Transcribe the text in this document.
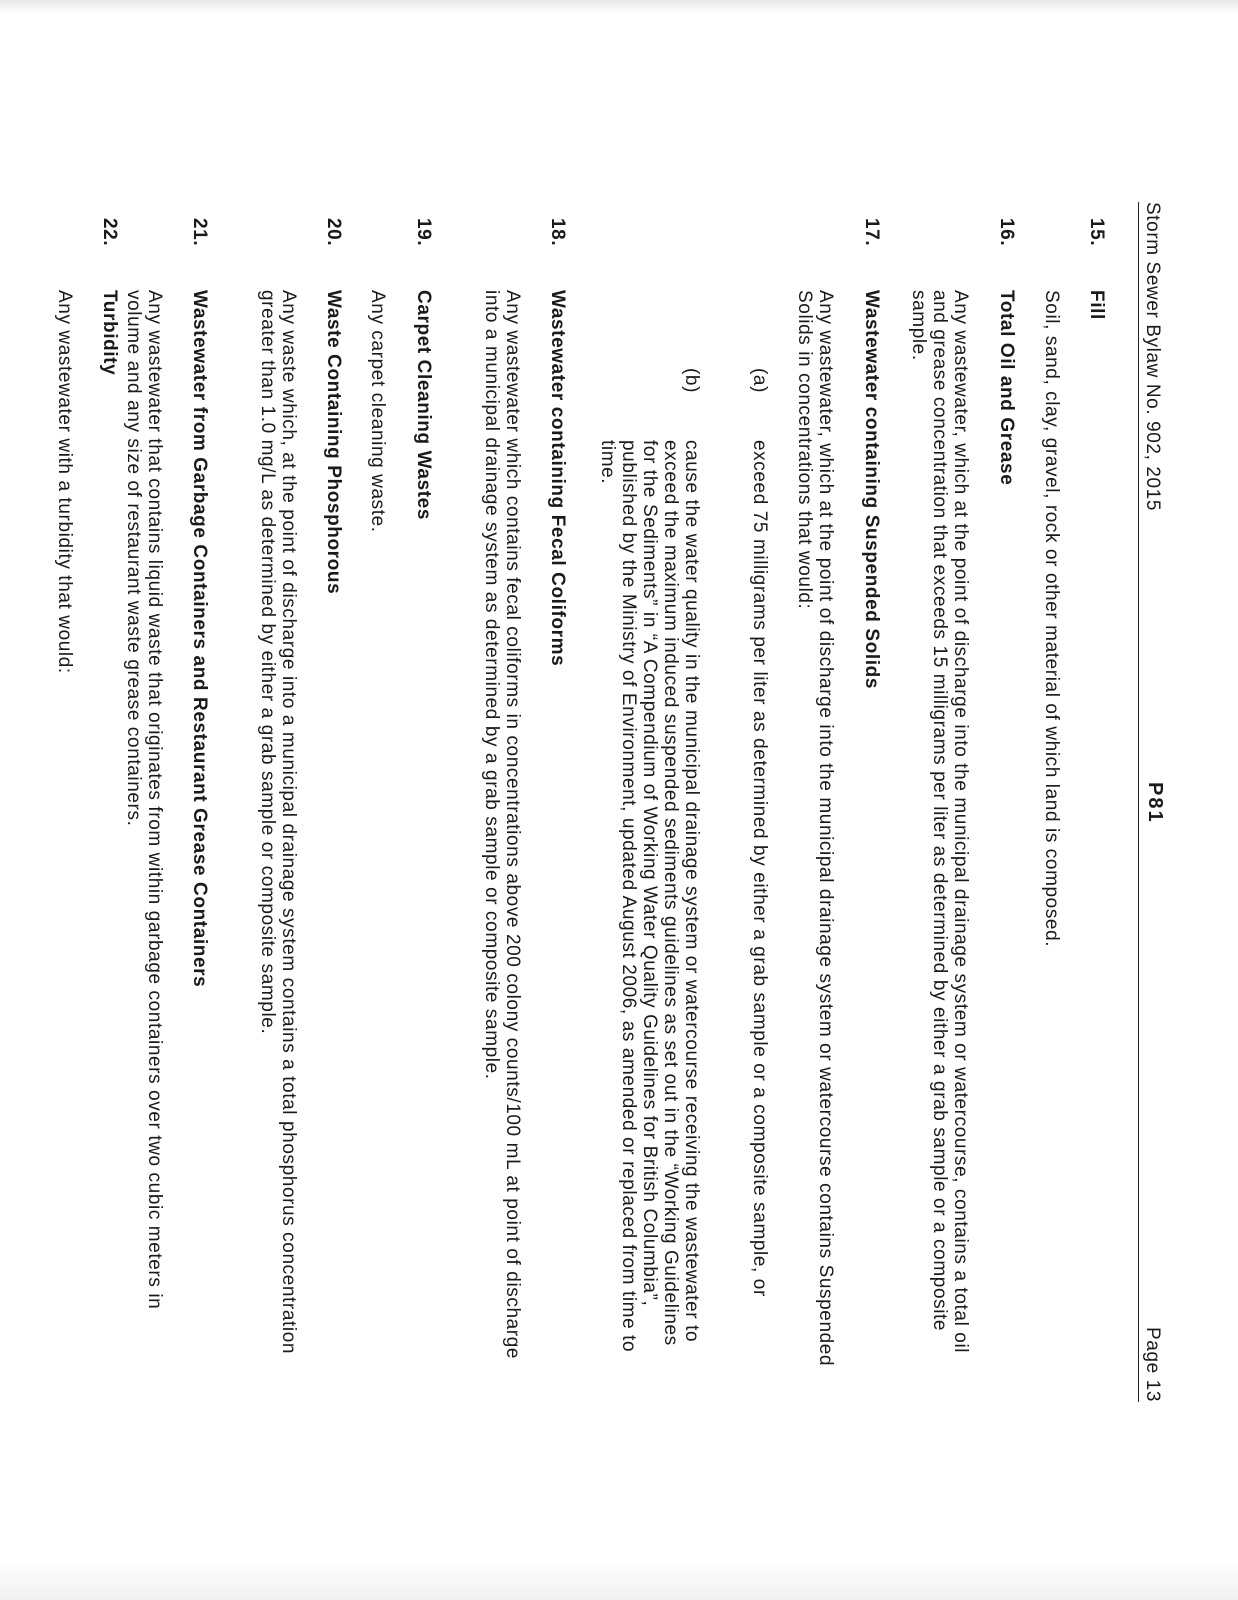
Storm Sewer Bylaw No. 902, 2015
P81
Page 13
15.
Fill

Soil, sand, clay, gravel, rock or other material of which land is composed.

16.
Total Oil and Grease

Any wastewater, which at the point of discharge into the municipal drainage system or watercourse, contains a total oil and grease concentration that exceeds 15 milligrams per liter as determined by either a grab sample or a composite sample.

17.
Wastewater containing Suspended Solids

Any wastewater, which at the point of discharge into the municipal drainage system or watercourse contains Suspended Solids in concentrations that would:

(a)

exceed 75 milligrams per liter as determined by either a grab sample or a composite sample, or

(b)

cause the water quality in the municipal drainage system or watercourse receiving the wastewater to exceed the maximum induced suspended sediments guidelines as set out in the “Working Guidelines for the Sediments” in “A Compendium of Working Water Quality Guidelines for British Columbia”, published by the Ministry of Environment, updated August 2006, as amended or replaced from time to time.

18.
Wastewater containing Fecal Coliforms

Any wastewater which contains fecal coliforms in concentrations above 200 colony counts/100 mL at point of discharge into a municipal drainage system as determined by a grab sample or composite sample.

19.
Carpet Cleaning Wastes

Any carpet cleaning waste.

20.
Waste Containing Phosphorous

Any waste which, at the point of discharge into a municipal drainage system contains a total phosphorus concentration greater than 1.0 mg/L as determined by either a grab sample or composite sample.

21.
Wastewater from Garbage Containers and Restaurant Grease Containers

Any wastewater that contains liquid waste that originates from within garbage containers over two cubic meters in volume and any size of restaurant waste grease containers.

22.
Turbidity

Any wastewater with a turbidity that would:
